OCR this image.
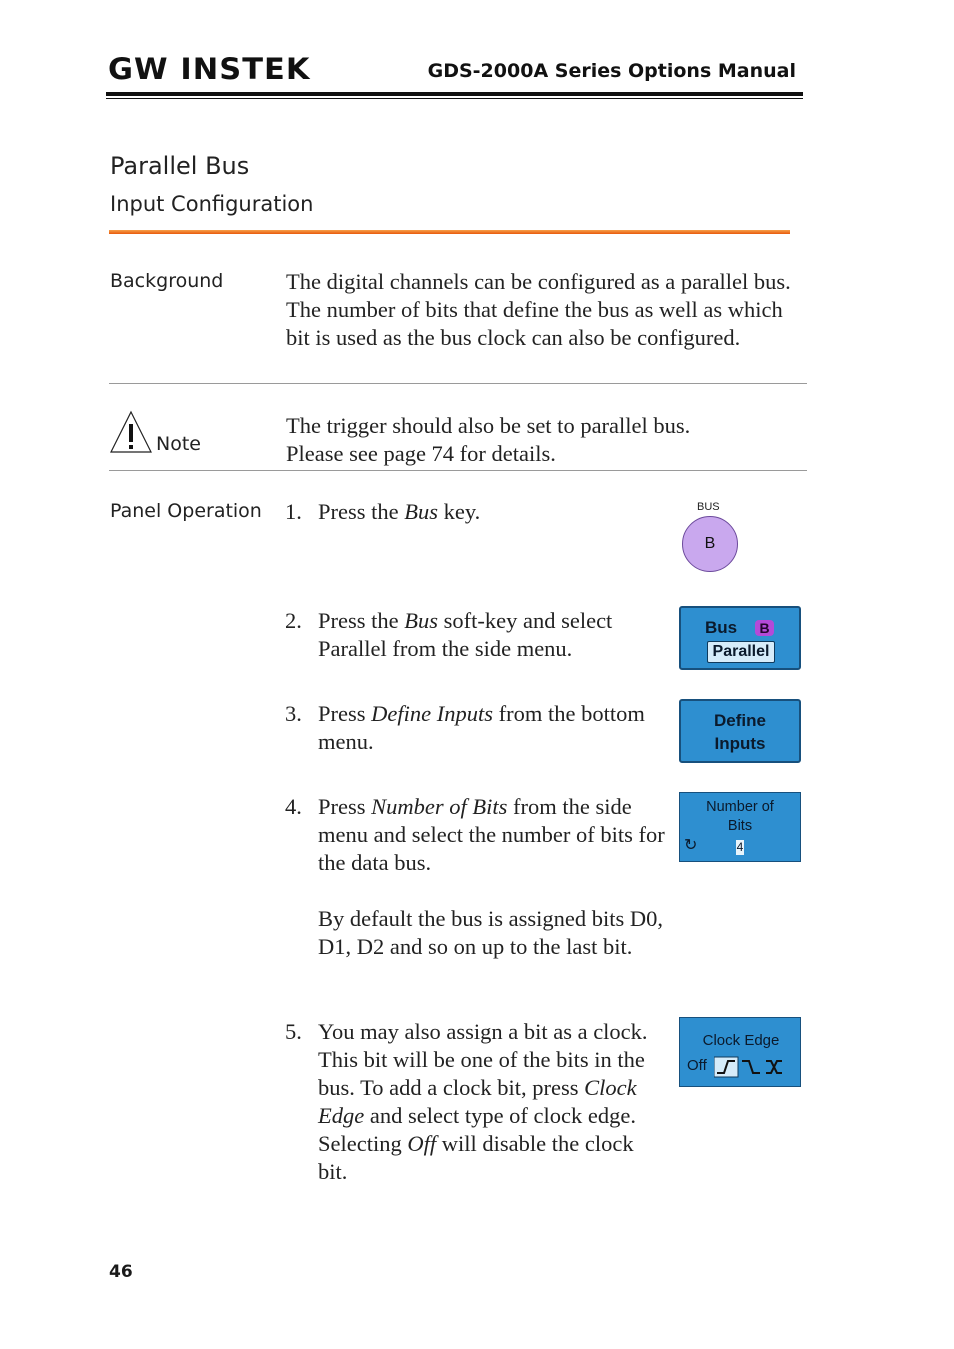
GW INSTEK	GDS-2000A Series Options Manual
Parallel Bus
Input Configuration
Background	The digital channels can be configured as a parallel bus. The number of bits that define the bus as well as which bit is used as the bus clock can also be configured.
Note
The trigger should also be set to parallel bus.
Please see page 74 for details.
Panel Operation 1. Press the Bus key.
2. Press the Bus soft-key and select Parallel from the side menu.
3. Press Define Inputs from the bottom menu.
4. Press Number of Bits from the side menu and select the number of bits for the data bus.
By default the bus is assigned bits D0, D1, D2 and so on up to the last bit.
5. You may also assign a bit as a clock. This bit will be one of the bits in the bus. To add a clock bit, press Clock Edge and select type of clock edge. Selecting Off will disable the clock bit.
BUS
B
Bus	B
Parallel
Define
Inputs
Number of
Bits
↻	4
Clock Edge
Off
46
